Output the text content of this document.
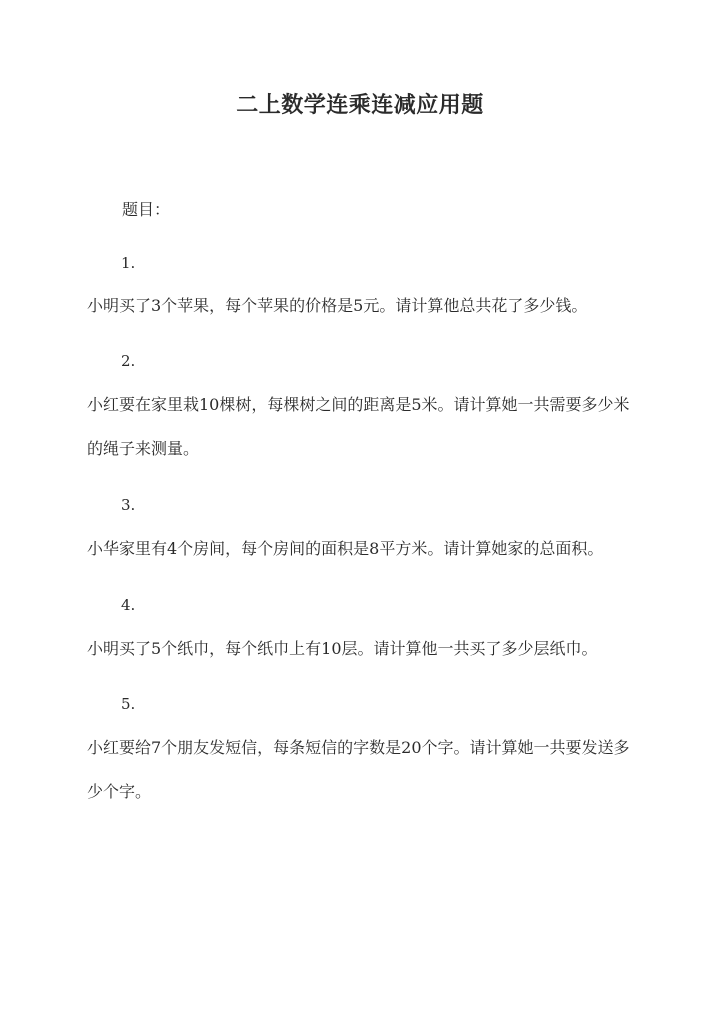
二上数学连乘连减应用题
题目：
1.
小明买了3个苹果，每个苹果的价格是5元。请计算他总共花了多少钱。
2.
小红要在家里栽10棵树，每棵树之间的距离是5米。请计算她一共需要多少米的绳子来测量。
3.
小华家里有4个房间，每个房间的面积是8平方米。请计算她家的总面积。
4.
小明买了5个纸巾，每个纸巾上有10层。请计算他一共买了多少层纸巾。
5.
小红要给7个朋友发短信，每条短信的字数是20个字。请计算她一共要发送多少个字。
